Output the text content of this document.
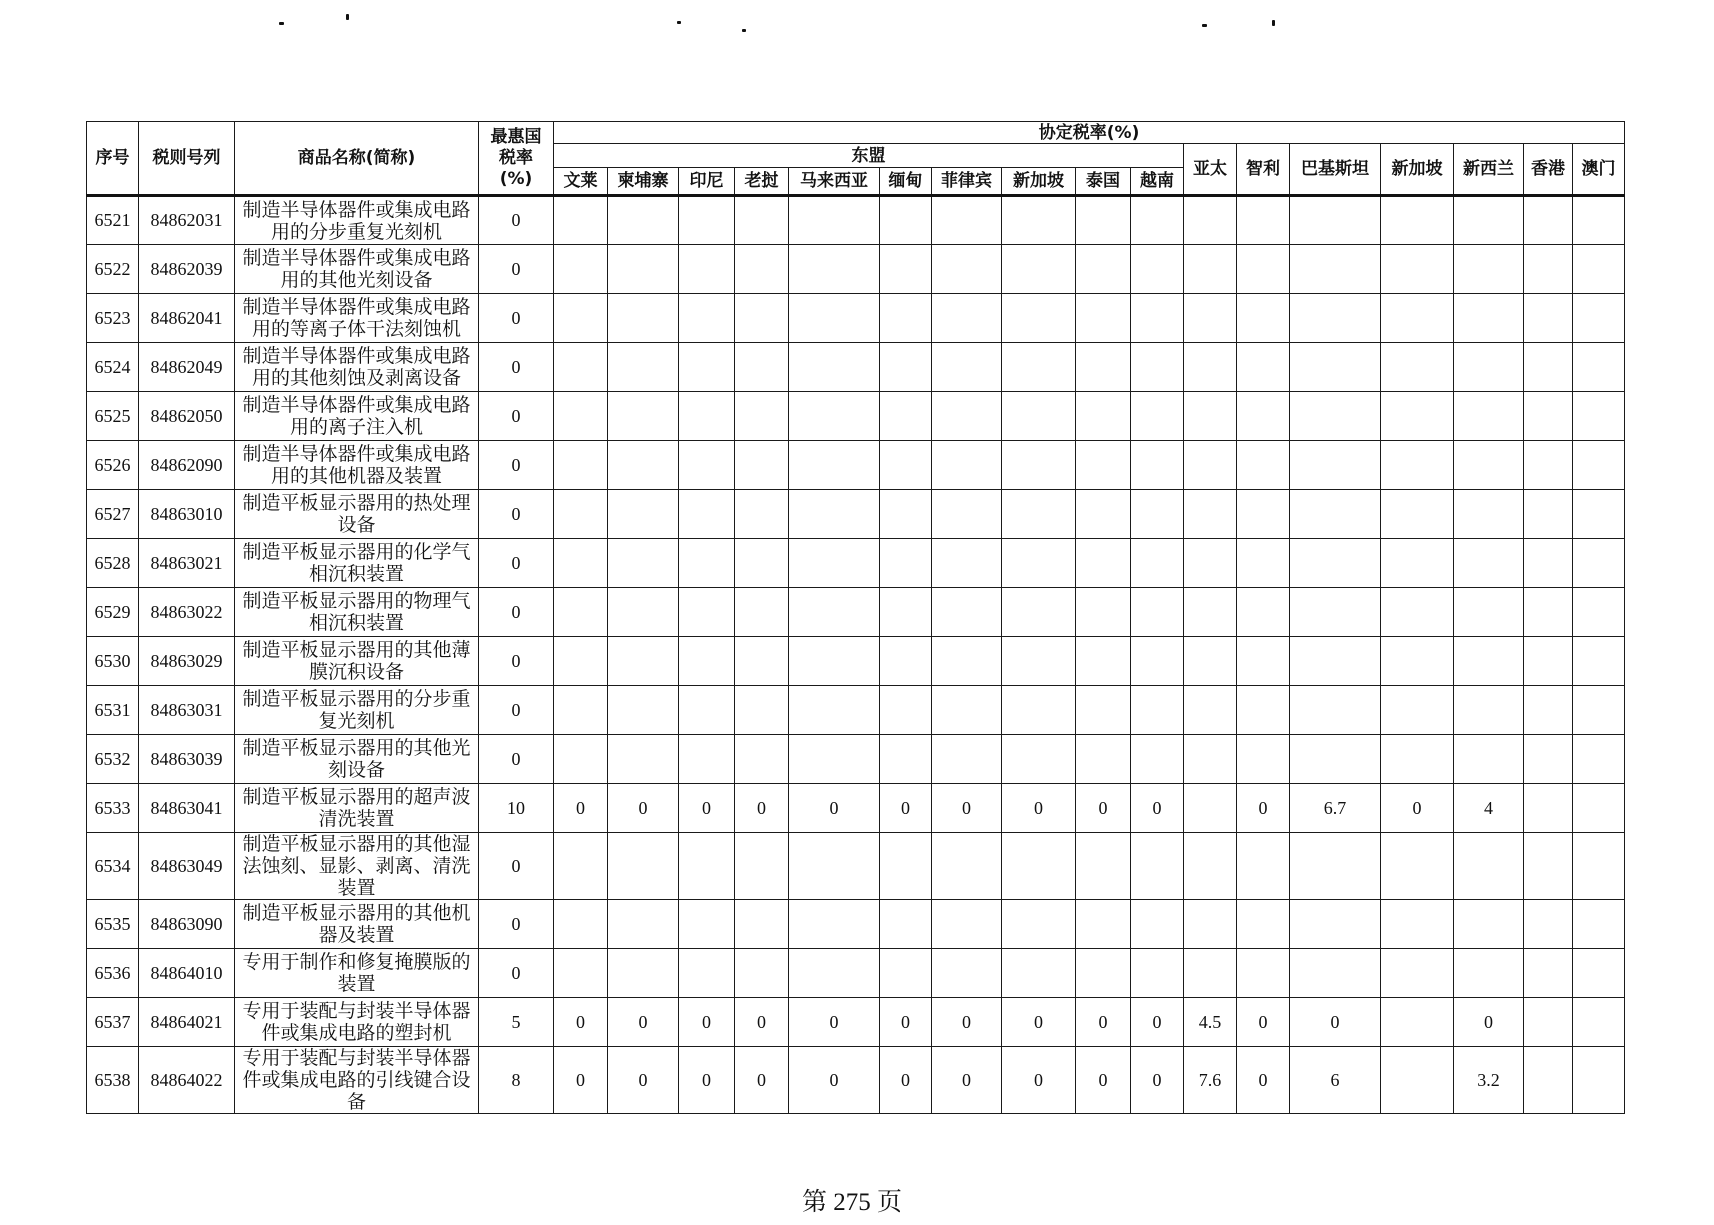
序号	税则号列	商品名称(简称)	最惠国
税率
(%)	协定税率(%)																
				东盟										亚太	智利	巴基斯坦	新加坡	新西兰	香港	澳门
				文莱	柬埔寨	印尼	老挝	马来西亚	缅甸	菲律宾	新加坡	泰国	越南							
6521	84862031	制造半导体器件或集成电路用的分步重复光刻机	0																	
6522	84862039	制造半导体器件或集成电路用的其他光刻设备	0																	
6523	84862041	制造半导体器件或集成电路用的等离子体干法刻蚀机	0																	
6524	84862049	制造半导体器件或集成电路用的其他刻蚀及剥离设备	0																	
6525	84862050	制造半导体器件或集成电路用的离子注入机	0																	
6526	84862090	制造半导体器件或集成电路用的其他机器及装置	0																	
6527	84863010	制造平板显示器用的热处理设备	0																	
6528	84863021	制造平板显示器用的化学气相沉积装置	0																	
6529	84863022	制造平板显示器用的物理气相沉积装置	0																	
6530	84863029	制造平板显示器用的其他薄膜沉积设备	0																	
6531	84863031	制造平板显示器用的分步重复光刻机	0																	
6532	84863039	制造平板显示器用的其他光刻设备	0																	
6533	84863041	制造平板显示器用的超声波清洗装置	10	0	0	0	0	0	0	0	0	0	0		0	6.7	0	4		
6534	84863049	制造平板显示器用的其他湿法蚀刻、显影、剥离、清洗装置	0																	
6535	84863090	制造平板显示器用的其他机器及装置	0																	
6536	84864010	专用于制作和修复掩膜版的装置	0																	
6537	84864021	专用于装配与封装半导体器件或集成电路的塑封机	5	0	0	0	0	0	0	0	0	0	0	4.5	0	0		0		
6538	84864022	专用于装配与封装半导体器件或集成电路的引线键合设备	8	0	0	0	0	0	0	0	0	0	0	7.6	0	6		3.2		
第 275 页
